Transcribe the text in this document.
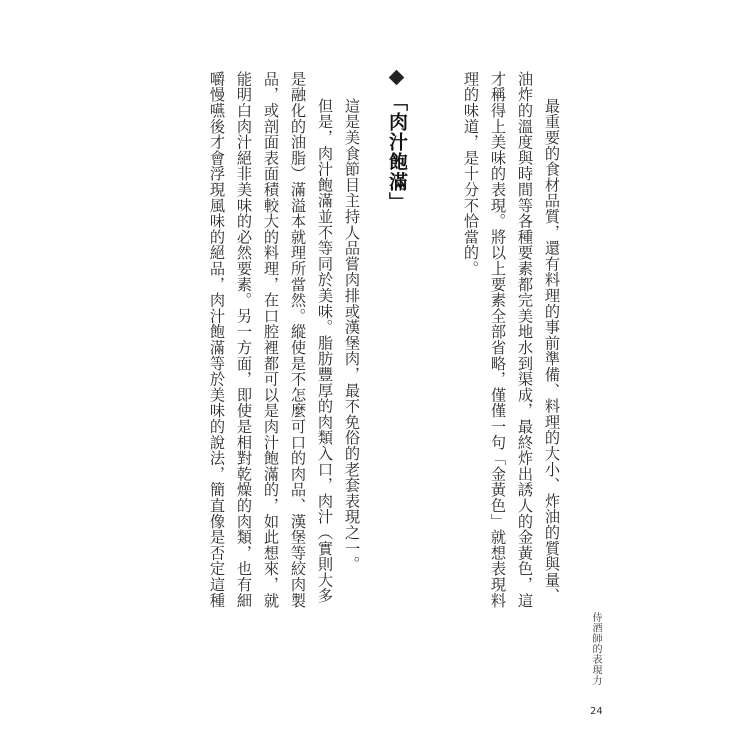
最重要的食材品質，還有料理的事前準備、料理的大小、炸油的質與量、
油炸的溫度與時間等各種要素都完美地水到渠成，最終炸出誘人的金黃色，這
才稱得上美味的表現。將以上要素全部省略，僅僅一句「金黃色」就想表現料
理的味道，是十分不恰當的。
「肉汁飽滿」
這是美食節目主持人品嘗肉排或漢堡肉，最不免俗的老套表現之一。
但是，肉汁飽滿並不等同於美味。脂肪豐厚的肉類入口，肉汁（實則大多
是融化的油脂）滿溢本就理所當然。縱使是不怎麼可口的肉品、漢堡等絞肉製
品，或剖面表面積較大的料理，在口腔裡都可以是肉汁飽滿的，如此想來，就
能明白肉汁絕非美味的必然要素。另一方面，即使是相對乾燥的肉類，也有細
嚼慢嚥後才會浮現風味的絕品，肉汁飽滿等於美味的說法，簡直像是否定這種
侍酒師的表現力
24
